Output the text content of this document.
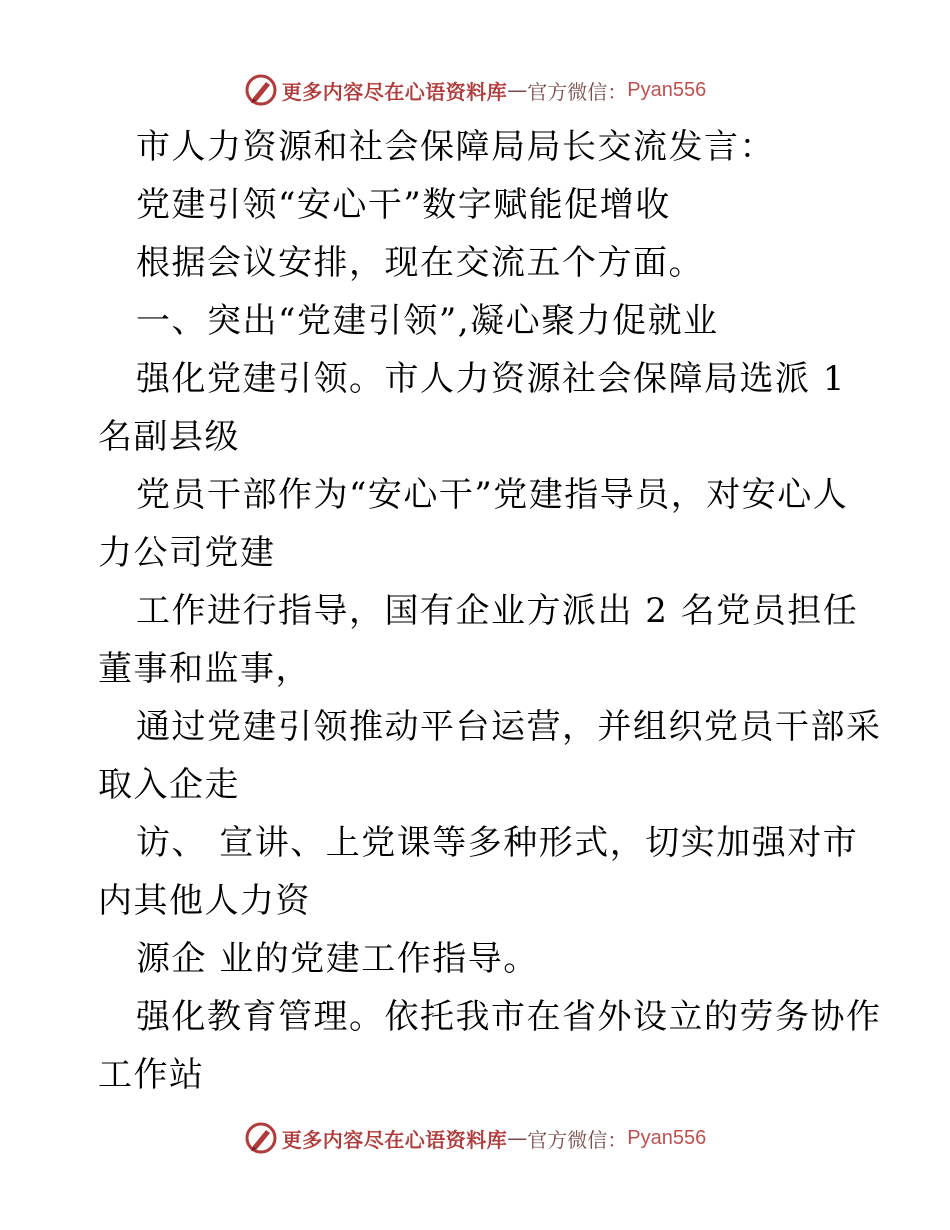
更多内容尽在心语资料库 — 官方微信： Pyan556
市人力资源和社会保障局局长交流发言：
党建引领“安心干”数字赋能促增收
根据会议安排，现在交流五个方面。
一、突出“党建引领”,凝心聚力促就业
强化党建引领。市人力资源社会保障局选派 1
名副县级
党员干部作为“安心干”党建指导员，对安心人
力公司党建
工作进行指导，国有企业方派出 2 名党员担任
董事和监事，
通过党建引领推动平台运营，并组织党员干部采
取入企走
访、 宣讲、上党课等多种形式，切实加强对市
内其他人力资
源企 业的党建工作指导。
强化教育管理。依托我市在省外设立的劳务协作
工作站
更多内容尽在心语资料库 — 官方微信： Pyan556
